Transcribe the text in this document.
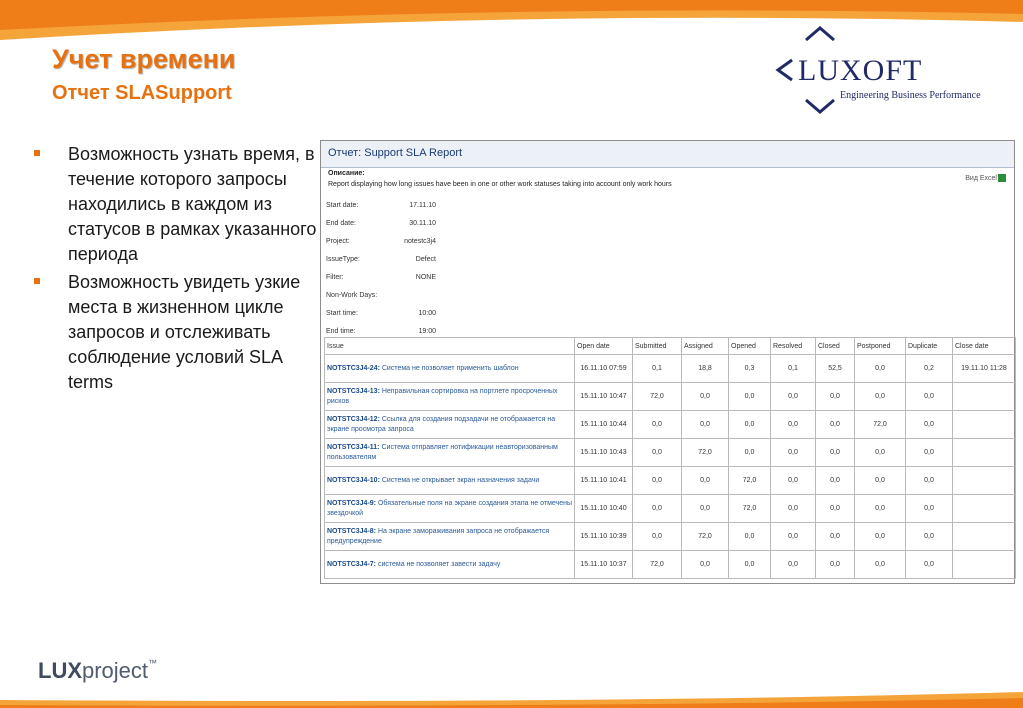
Учет времени
Отчет SLASupport
LUXOFT
Engineering Business Performance
Возможность узнать время, в течение которого запросы находились в каждом из статусов в рамках указанного периода
Возможность увидеть узкие места в жизненном цикле запросов и отслеживать соблюдение условий SLA terms
Отчет: Support SLA Report
Описание:
Report displaying how long issues have been in one or other work statuses taking into account only work hours
Вид Excel
Start date:	17.11.10
End date:	30.11.10
Project:	notestc3j4
IssueType:	Defect
Filter:	NONE
Non-Work Days:
Start time:	10:00
End time:	19:00
Issue	Open date	Submitted	Assigned	Opened	Resolved	Closed	Postponed	Duplicate	Close date
NOTSTC3J4-24: Система не позволяет применить шаблон	16.11.10 07:59	0,1	18,8	0,3	0,1	52,5	0,0	0,2	19.11.10 11:28
NOTSTC3J4-13: Неправильная сортировка на портлете просроченных рисков	15.11.10 10:47	72,0	0,0	0,0	0,0	0,0	0,0	0,0	
NOTSTC3J4-12: Ссылка для создания подзадачи не отображается на экране просмотра запроса	15.11.10 10:44	0,0	0,0	0,0	0,0	0,0	72,0	0,0	
NOTSTC3J4-11: Система отправляет нотификации неавторизованным пользователям	15.11.10 10:43	0,0	72,0	0,0	0,0	0,0	0,0	0,0	
NOTSTC3J4-10: Система не открывает экран назначения задачи	15.11.10 10:41	0,0	0,0	72,0	0,0	0,0	0,0	0,0	
NOTSTC3J4-9: Обязательные поля на экране создания этапа не отмечены звездочкой	15.11.10 10:40	0,0	0,0	72,0	0,0	0,0	0,0	0,0	
NOTSTC3J4-8: На экране замораживания запроса не отображается предупреждение	15.11.10 10:39	0,0	72,0	0,0	0,0	0,0	0,0	0,0	
NOTSTC3J4-7: система не позволяет завести задачу	15.11.10 10:37	72,0	0,0	0,0	0,0	0,0	0,0	0,0	
LUXproject™
